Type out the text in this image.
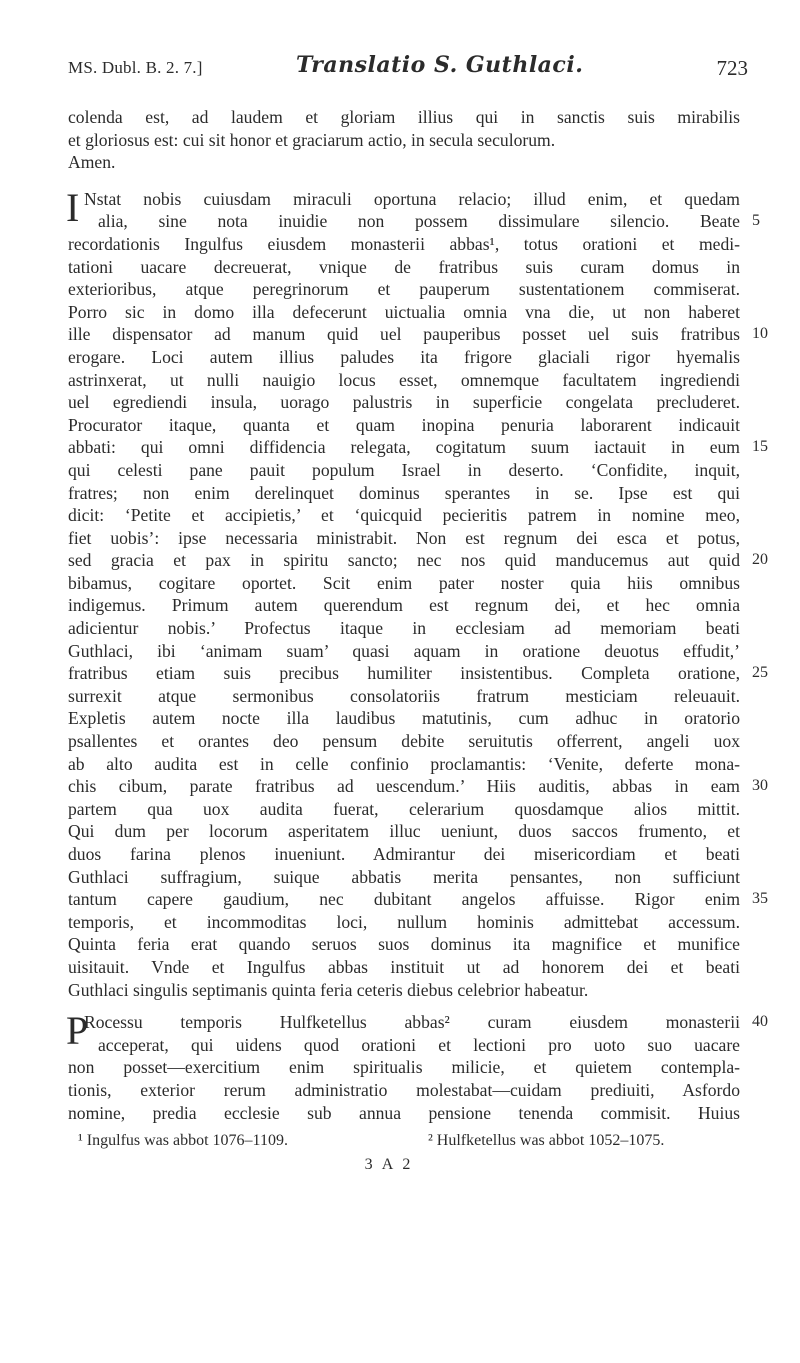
MS. Dubl. B. 2. 7.]	Translatio S. Guthlaci.	723
colenda est, ad laudem et gloriam illius qui in sanctis suis mirabilis
et gloriosus est: cui sit honor et graciarum actio, in secula seculorum.
Amen.
I Nstat nobis cuiusdam miraculi oportuna relacio; illud enim, et quedam
alia, sine nota inuidie non possem dissimulare silencio. Beate 5
recordationis Ingulfus eiusdem monasterii abbas¹, totus orationi et medi-
tationi uacare decreuerat, vnique de fratribus suis curam domus in
exterioribus, atque peregrinorum et pauperum sustentationem commiserat.
Porro sic in domo illa defecerunt uictualia omnia vna die, ut non haberet
ille dispensator ad manum quid uel pauperibus posset uel suis fratribus 10
erogare. Loci autem illius paludes ita frigore glaciali rigor hyemalis
astrinxerat, ut nulli nauigio locus esset, omnemque facultatem ingrediendi
uel egrediendi insula, uorago palustris in superficie congelata precluderet.
Procurator itaque, quanta et quam inopina penuria laborarent indicauit
abbati: qui omni diffidencia relegata, cogitatum suum iactauit in eum 15
qui celesti pane pauit populum Israel in deserto. ‘Confidite, inquit,
fratres; non enim derelinquet dominus sperantes in se. Ipse est qui
dicit: ‘Petite et accipietis,’ et ‘quicquid pecieritis patrem in nomine meo,
fiet uobis’: ipse necessaria ministrabit. Non est regnum dei esca et potus,
sed gracia et pax in spiritu sancto; nec nos quid manducemus aut quid 20
bibamus, cogitare oportet. Scit enim pater noster quia hiis omnibus
indigemus. Primum autem querendum est regnum dei, et hec omnia
adicientur nobis.’ Profectus itaque in ecclesiam ad memoriam beati
Guthlaci, ibi ‘animam suam’ quasi aquam in oratione deuotus effudit,’
fratribus etiam suis precibus humiliter insistentibus. Completa oratione, 25
surrexit atque sermonibus consolatoriis fratrum mesticiam releuauit.
Expletis autem nocte illa laudibus matutinis, cum adhuc in oratorio
psallentes et orantes deo pensum debite seruitutis offerrent, angeli uox
ab alto audita est in celle confinio proclamantis: ‘Venite, deferte mona-
chis cibum, parate fratribus ad uescendum.’ Hiis auditis, abbas in eam 30
partem qua uox audita fuerat, celerarium quosdamque alios mittit.
Qui dum per locorum asperitatem illuc ueniunt, duos saccos frumento, et
duos farina plenos inueniunt. Admirantur dei misericordiam et beati
Guthlaci suffragium, suique abbatis merita pensantes, non sufficiunt
tantum capere gaudium, nec dubitant angelos affuisse. Rigor enim 35
temporis, et incommoditas loci, nullum hominis admittebat accessum.
Quinta feria erat quando seruos suos dominus ita magnifice et munifice
uisitauit. Vnde et Ingulfus abbas instituit ut ad honorem dei et beati
Guthlaci singulis septimanis quinta feria ceteris diebus celebrior habeatur.
P
Rocessu temporis Hulfketellus abbas² curam eiusdem monasterii 40
acceperat, qui uidens quod orationi et lectioni pro uoto suo uacare
non posset—exercitium enim spiritualis milicie, et quietem contempla-
tionis, exterior rerum administratio molestabat—cuidam prediuiti, Asfordo
nomine, predia ecclesie sub annua pensione tenenda commisit. Huius
¹ Ingulfus was abbot 1076–1109.	² Hulfketellus was abbot 1052–1075.
3 A 2
